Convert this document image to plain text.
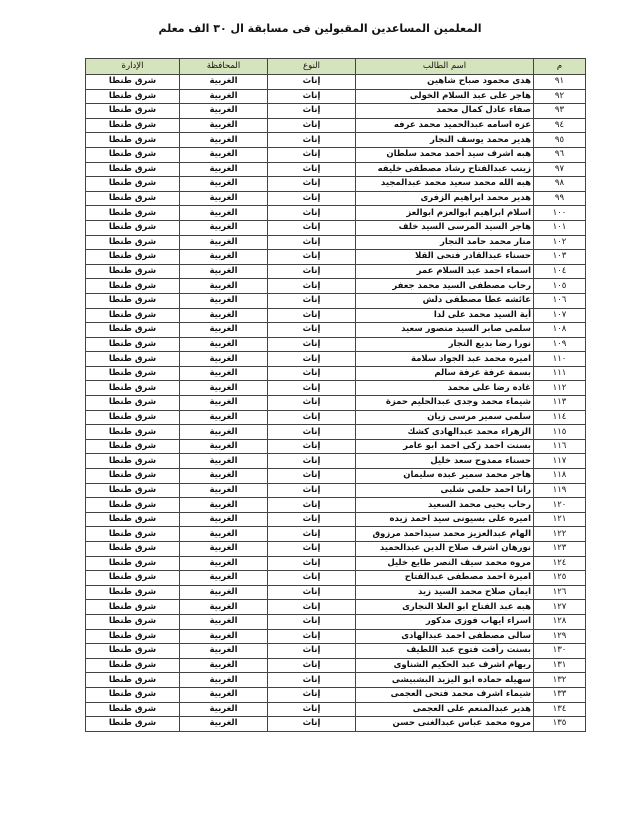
المعلمين المساعدين المقبولين فى مسابقة ال ٣٠ الف معلم
م	اسم الطالب	النوع	المحافظة	الإدارة
٩١	هدى محمود صباح شاهين	إناث	الغربية	شرق طنطا
٩٢	هاجر على عبد السلام الخولى	إناث	الغربية	شرق طنطا
٩٣	صفاء عادل كمال محمد	إناث	الغربية	شرق طنطا
٩٤	عزه اسامه عبدالحميد محمد عرفه	إناث	الغربية	شرق طنطا
٩٥	هدير محمد يوسف النجار	إناث	الغربية	شرق طنطا
٩٦	هبه اشرف سيد أحمد محمد سلطان	إناث	الغربية	شرق طنطا
٩٧	زينب عبدالفتاح رشاد مصطفى خليفه	إناث	الغربية	شرق طنطا
٩٨	هبه الله محمد سعيد محمد عبدالمجيد	إناث	الغربية	شرق طنطا
٩٩	هدير محمد ابراهيم الزفرى	إناث	الغربية	شرق طنطا
١٠٠	اسلام ابراهيم ابوالعزم ابوالعز	إناث	الغربية	شرق طنطا
١٠١	هاجر السيد المرسى السيد خلف	إناث	الغربية	شرق طنطا
١٠٢	منار محمد حامد النجار	إناث	الغربية	شرق طنطا
١٠٣	حسناء عبدالقادر فتحى القلا	إناث	الغربية	شرق طنطا
١٠٤	اسماء احمد عبد السلام عمر	إناث	الغربية	شرق طنطا
١٠٥	رحاب مصطفى السيد محمد جعفر	إناث	الغربية	شرق طنطا
١٠٦	عائشه عطا مصطفى دلش	إناث	الغربية	شرق طنطا
١٠٧	أية السيد محمد على لدا	إناث	الغربية	شرق طنطا
١٠٨	سلمى صابر السيد منصور سعيد	إناث	الغربية	شرق طنطا
١٠٩	نورا رضا بديع النجار	إناث	الغربية	شرق طنطا
١١٠	اميره محمد عبد الجواد سلامة	إناث	الغربية	شرق طنطا
١١١	بسمة عرفة عرفة سالم	إناث	الغربية	شرق طنطا
١١٢	غاده رضا على محمد	إناث	الغربية	شرق طنطا
١١٣	شيماء محمد وجدى عبدالحليم حمزة	إناث	الغربية	شرق طنطا
١١٤	سلمى سمير مرسى زيان	إناث	الغربية	شرق طنطا
١١٥	الزهراء محمد عبدالهادى كشك	إناث	الغربية	شرق طنطا
١١٦	بسنت احمد زكى احمد ابو عامر	إناث	الغربية	شرق طنطا
١١٧	حسناء ممدوح سعد خليل	إناث	الغربية	شرق طنطا
١١٨	هاجر محمد سمير عبده سليمان	إناث	الغربية	شرق طنطا
١١٩	رانا احمد حلمى شلبى	إناث	الغربية	شرق طنطا
١٢٠	رحاب يحيى محمد السعيد	إناث	الغربية	شرق طنطا
١٢١	اميره على بسيونى سيد احمد زيده	إناث	الغربية	شرق طنطا
١٢٢	الهام عبدالعزيز محمد سيداحمد مرزوق	إناث	الغربية	شرق طنطا
١٢٣	نورهان اشرف صلاح الدين عبدالحميد	إناث	الغربية	شرق طنطا
١٢٤	مروه محمد سيف النصر طايع خليل	إناث	الغربية	شرق طنطا
١٢٥	اميرة احمد مصطفى عبدالفتاح	إناث	الغربية	شرق طنطا
١٢٦	ايمان صلاح محمد السيد زيد	إناث	الغربية	شرق طنطا
١٢٧	هبه عبد الفتاح ابو العلا النجارى	إناث	الغربية	شرق طنطا
١٢٨	اسراء ايهاب فوزى مدكور	إناث	الغربية	شرق طنطا
١٢٩	سالى مصطفى احمد عبدالهادى	إناث	الغربية	شرق طنطا
١٣٠	بسنت رأفت فتوح عبد اللطيف	إناث	الغربية	شرق طنطا
١٣١	ريهام اشرف عبد الحكيم الشناوى	إناث	الغربية	شرق طنطا
١٣٢	سهيله حماده ابو اليزيد البشبيشى	إناث	الغربية	شرق طنطا
١٣٣	شيماء اشرف محمد فتحى العجمى	إناث	الغربية	شرق طنطا
١٣٤	هدير عبدالمنعم على العجمى	إناث	الغربية	شرق طنطا
١٣٥	مروه محمد عباس عبدالغنى حسن	إناث	الغربية	شرق طنطا
